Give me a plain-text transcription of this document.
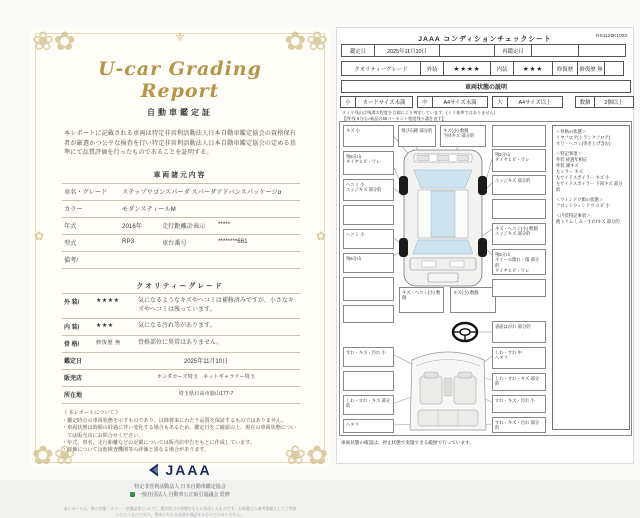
❀✿	✿❀
✿❀	❀✿
⚜
✿	✿
U-car Grading Report
自動車鑑定証
本レポートに記載される車両は特定非営利活動法人日本自動車鑑定協会の資格保有者が厳選かつ公平な検査を行い特定非営利活動法人日本自動車鑑定協会の定める基準にて品質評価を行ったものであることを証明する。
車両諸元内容
車名・グレード	ステップワゴンスパーダ スパーダアドバンスパッケージα
カラー	モダンスティールM
年式	2016年	走行距離計表示	*****
型式	RP3	車台番号	********661
備考/
クオリティーグレード
外 装/	★★★★	気になるようなキズやヘコミは補修済みですが、小さなキズやヘコミは残っています。
内 装/	★★★	気になる汚れ等があります。
骨 格/	修復歴 無	骨格部位に異常はありません。
鑑定日	2025年11月10日
販売店	ホンダカーズ埼玉　ネットギャラリー埼玉
所在地	埼玉県日高市鹿山177-7
《 本レポートについて 》
・鑑定時点の車両状態を示すものであり、以降将来にわたり品質を保証するものではありません。
・車両状態は時間の経過に伴い変化する場合もあるため、鑑定日をご確認の上、現在の車両状態については販売店にお問合せください。
・年式、車名、走行距離などの記載については販売店申告をもとに作成しています。
・評価については他検査機関等の評価と異なる場合があります。
JAAA
特定非営利活動法人 日本自動車鑑定協会
一般社団法人 自動車公正取引協議会 監修
本レポートは、車の状態・カラー・装備品等について、鑑定時点の状態をもとに作成したものです。お車選びの参考情報としてご利用いただくものであり、将来にわたる品質を保証するものではありません。
JAAA コンディションチェックシート	RS1125K1003
鑑定日	2025年11月10日	再鑑定日
クオリティーグレード	外装	★★★★	内装	★★★	修復歴	修復歴 無
車両状態の説明
小	カードサイズ未満	中	A4サイズ未満	大	A4サイズ以上	数個	2個以上
タイヤ残山は残溝の程度を目測により判定しています。(ミリ基準ではありません)
【例:残 5分山=新品の50パーセント程度残り溝を表す】
飛び石跡 部分的 キズ(小) 数個
下回キズ 部分的
キズ 小
残5分山
タイヤヒビ・ワレ
ヘコミ 小
エッジキズ 部分的
ヘコミ 小
残5分山
キズ・ヘコミ(小) 数個
キズ(小) 数個
残5分山
タイヤヒビ・ワレ
エッジキズ 部分的
キズ・ヘコミ(小) 数個
エッジキズ 部分的
残5分山
ホイール擦れ・傷 部分的
タイヤヒビ・ワレ
表面はがれ 部分的
すれ・キズ・汚れ 小
しわ・すれ・キズ 部分的
ヘタリ
しわ・すれ 中
ヘタリ
しわ・すれ・キズ 部分的
すれ・キズ・汚れ 小
すれ・キズ・汚れ 部分的
＜骨格の状態＞
リヤフロア(トランクフロア)
すり・ヘコミ(突き上げ含む)
＜特記事項＞
外装 経過年相応
外装 薄キズ
左ミラー キズ
左サイドスポイラー キズ 小
左サイドスポイラー 下回キズ 部分的
＜ウィンドウ類の状態＞
フロントウィンドウ ヒビ 小
＜内装特記事項＞
他トリム しみ・すれ/キズ 部分的
車両状態の確認は、停止状態で実施できる範囲で行っています。
